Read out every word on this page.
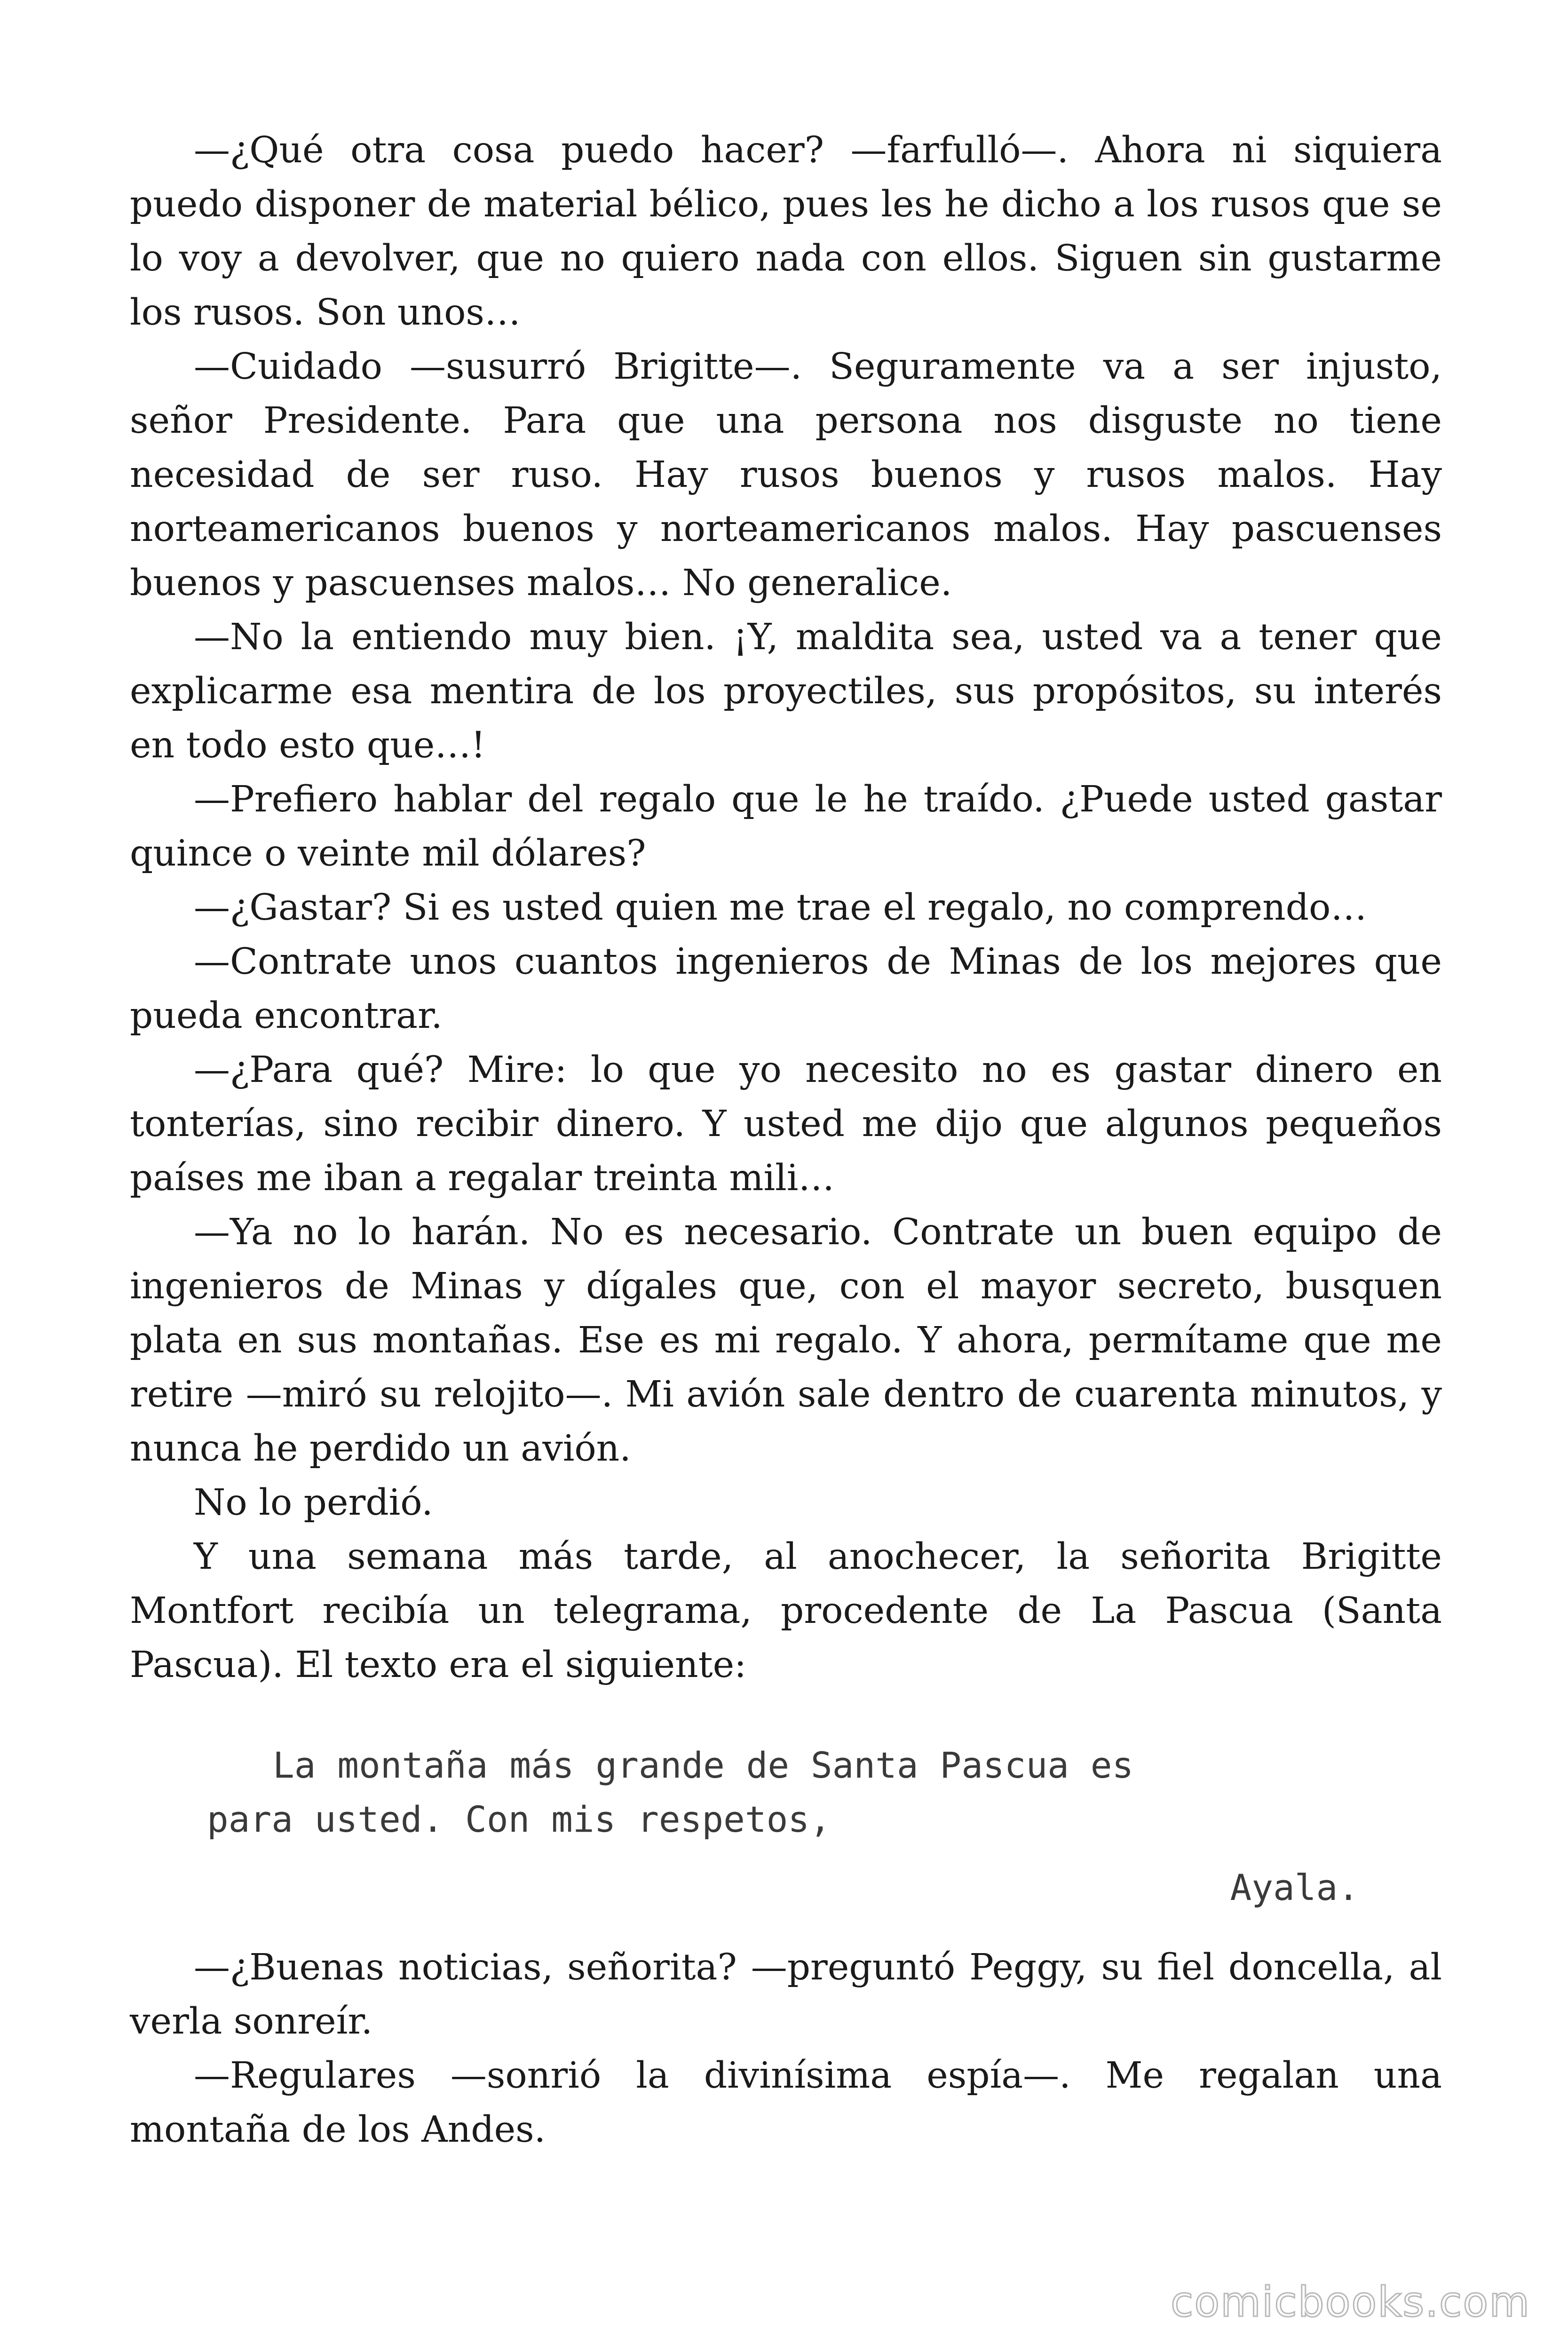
—¿Qué otra cosa puedo hacer? —farfulló—. Ahora ni siquiera puedo disponer de material bélico, pues les he dicho a los rusos que se lo voy a devolver, que no quiero nada con ellos. Siguen sin gustarme los rusos. Son unos…

—Cuidado —susurró Brigitte—. Seguramente va a ser injusto, señor Presidente. Para que una persona nos disguste no tiene necesidad de ser ruso. Hay rusos buenos y rusos malos. Hay norteamericanos buenos y norteamericanos malos. Hay pascuenses buenos y pascuenses malos… No generalice.

—No la entiendo muy bien. ¡Y, maldita sea, usted va a tener que explicarme esa mentira de los proyectiles, sus propósitos, su interés en todo esto que…!

—Prefiero hablar del regalo que le he traído. ¿Puede usted gastar quince o veinte mil dólares?

—¿Gastar? Si es usted quien me trae el regalo, no comprendo…

—Contrate unos cuantos ingenieros de Minas de los mejores que pueda encontrar.

—¿Para qué? Mire: lo que yo necesito no es gastar dinero en tonterías, sino recibir dinero. Y usted me dijo que algunos pequeños países me iban a regalar treinta mili…

—Ya no lo harán. No es necesario. Contrate un buen equipo de ingenieros de Minas y dígales que, con el mayor secreto, busquen plata en sus montañas. Ese es mi regalo. Y ahora, permítame que me retire —miró su relojito—. Mi avión sale dentro de cuarenta minutos, y nunca he perdido un avión.

No lo perdió.

Y una semana más tarde, al anochecer, la señorita Brigitte Montfort recibía un telegrama, procedente de La Pascua (Santa Pascua). El texto era el siguiente:

La montaña más grande de Santa Pascua es

para usted. Con mis respetos,

Ayala.

—¿Buenas noticias, señorita? —preguntó Peggy, su fiel doncella, al verla sonreír.

—Regulares —sonrió la divinísima espía—. Me regalan una montaña de los Andes.

comicbooks.com
